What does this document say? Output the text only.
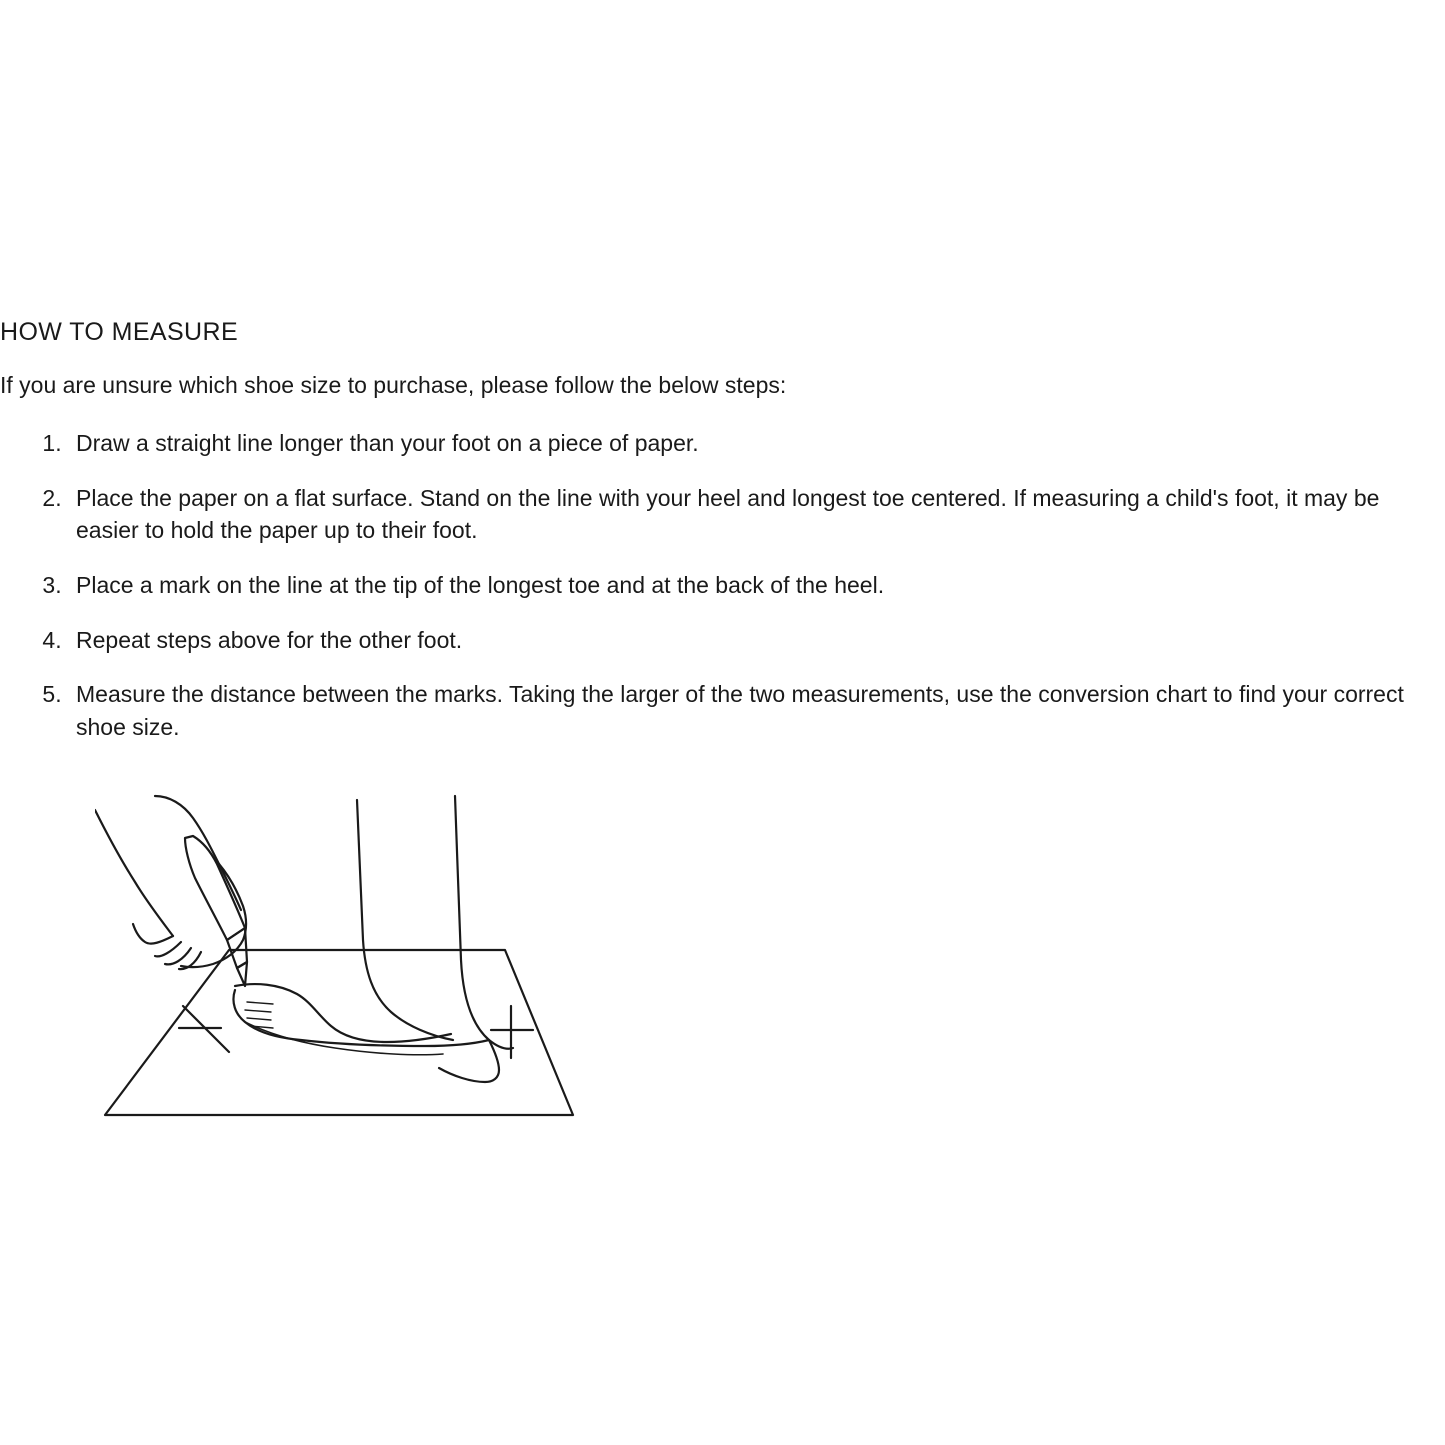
HOW TO MEASURE

If you are unsure which shoe size to purchase, please follow the below steps:

1. Draw a straight line longer than your foot on a piece of paper.
2. Place the paper on a flat surface. Stand on the line with your heel and longest toe centered. If measuring a child's foot, it may be easier to hold the paper up to their foot.
3. Place a mark on the line at the tip of the longest toe and at the back of the heel.
4. Repeat steps above for the other foot.
5. Measure the distance between the marks. Taking the larger of the two measurements, use the conversion chart to find your correct shoe size.
